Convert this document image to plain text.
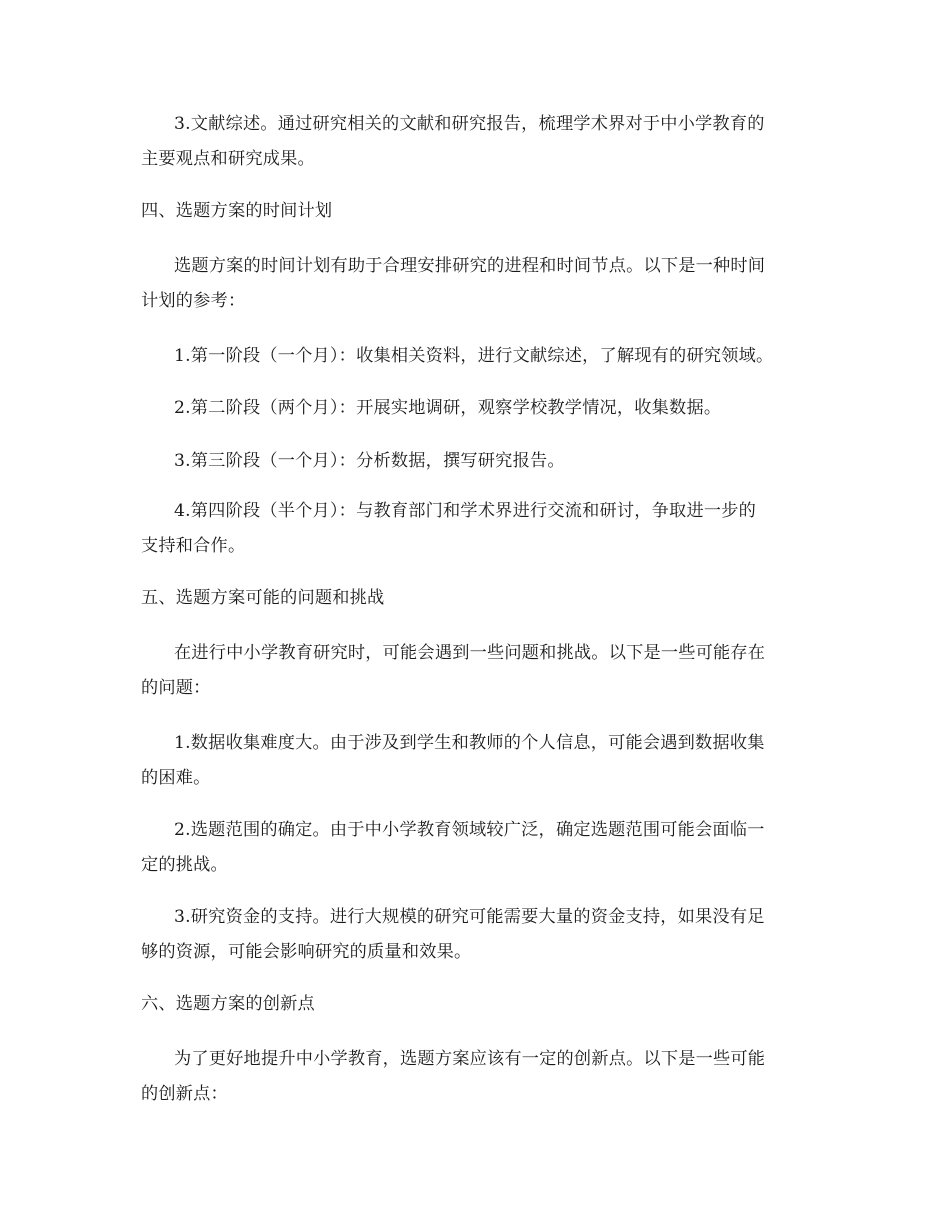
3.文献综述。通过研究相关的文献和研究报告，梳理学术界对于中小学教育的

主要观点和研究成果。

四、选题方案的时间计划

选题方案的时间计划有助于合理安排研究的进程和时间节点。以下是一种时间

计划的参考：

1.第一阶段（一个月）：收集相关资料，进行文献综述，了解现有的研究领域。

2.第二阶段（两个月）：开展实地调研，观察学校教学情况，收集数据。

3.第三阶段（一个月）：分析数据，撰写研究报告。

4.第四阶段（半个月）：与教育部门和学术界进行交流和研讨，争取进一步的

支持和合作。

五、选题方案可能的问题和挑战

在进行中小学教育研究时，可能会遇到一些问题和挑战。以下是一些可能存在

的问题：

1.数据收集难度大。由于涉及到学生和教师的个人信息，可能会遇到数据收集

的困难。

2.选题范围的确定。由于中小学教育领域较广泛，确定选题范围可能会面临一

定的挑战。

3.研究资金的支持。进行大规模的研究可能需要大量的资金支持，如果没有足

够的资源，可能会影响研究的质量和效果。

六、选题方案的创新点

为了更好地提升中小学教育，选题方案应该有一定的创新点。以下是一些可能

的创新点：
